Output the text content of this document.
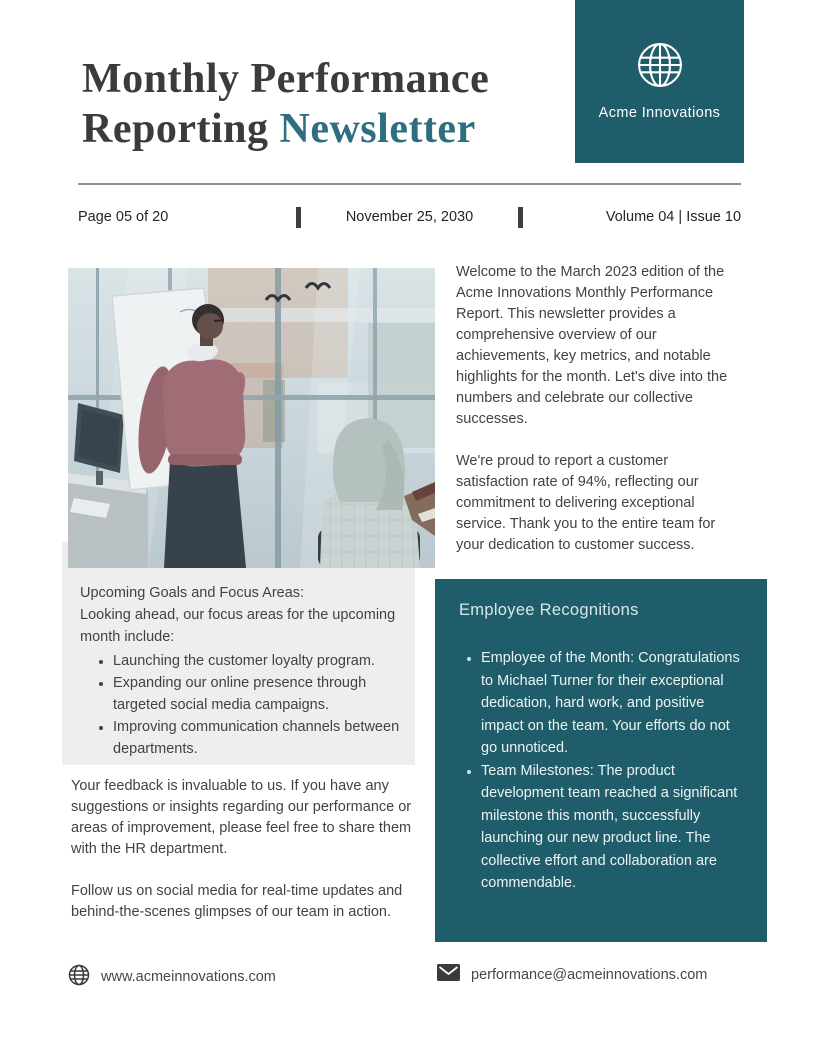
Monthly Performance
Reporting Newsletter	Acme Innovations
Page 05 of 20	November 25, 2030	Volume 04 | Issue 10

Upcoming Goals and Focus Areas:

Looking ahead, our focus areas for the upcoming month include:

• Launching the customer loyalty program.
• Expanding our online presence through targeted social media campaigns.
• Improving communication channels between departments.

Welcome to the March 2023 edition of the Acme Innovations Monthly Performance Report. This newsletter provides a comprehensive overview of our achievements, key metrics, and notable highlights for the month. Let's dive into the numbers and celebrate our collective successes.

We're proud to report a customer satisfaction rate of 94%, reflecting our commitment to delivering exceptional service. Thank you to the entire team for your dedication to customer success.

Employee Recognitions
• Employee of the Month: Congratulations to Michael Turner for their exceptional dedication, hard work, and positive impact on the team. Your efforts do not go unnoticed.
• Team Milestones: The product development team reached a significant milestone this month, successfully launching our new product line. The collective effort and collaboration are commendable.

Your feedback is invaluable to us. If you have any suggestions or insights regarding our performance or areas of improvement, please feel free to share them with the HR department.

Follow us on social media for real-time updates and behind-the-scenes glimpses of our team in action.

www.acmeinnovations.com	performance@acmeinnovations.com
